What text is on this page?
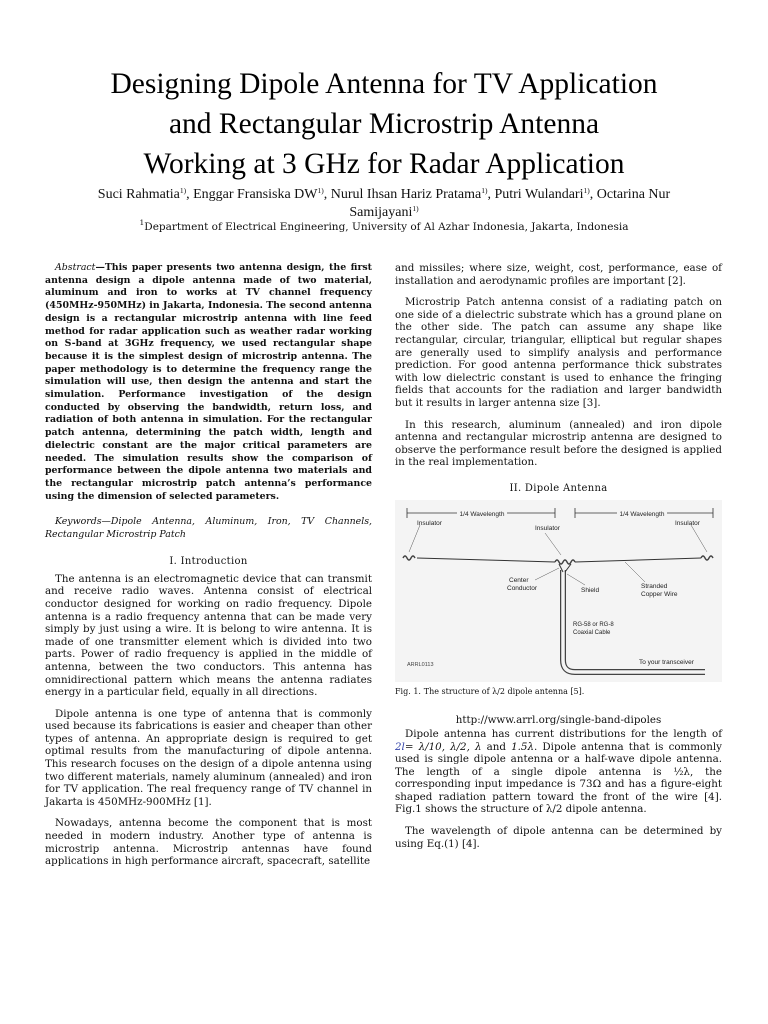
Designing Dipole Antenna for TV Application
and Rectangular Microstrip Antenna
Working at 3 GHz for Radar Application
Suci Rahmatia$^{1)}$, Enggar Fransiska DW$^{1)}$, Nurul Ihsan Hariz Pratama$^{1)}$, Putri Wulandari$^{1)}$, Octarina Nur
Samijayani$^{1)}$
$^1$Department of Electrical Engineering, University of Al Azhar Indonesia, Jakarta, Indonesia

Abstract—This paper presents two antenna design, the first antenna design a dipole antenna made of two material, aluminum and iron to works at TV channel frequency (450MHz-950MHz) in Jakarta, Indonesia. The second antenna design is a rectangular microstrip antenna with line feed method for radar application such as weather radar working on S-band at 3GHz frequency, we used rectangular shape because it is the simplest design of microstrip antenna. The paper methodology is to determine the frequency range the simulation will use, then design the antenna and start the simulation. Performance investigation of the design conducted by observing the bandwidth, return loss, and radiation of both antenna in simulation. For the rectangular patch antenna, determining the patch width, length and dielectric constant are the major critical parameters are needed. The simulation results show the comparison of performance between the dipole antenna two materials and the rectangular microstrip patch antenna’s performance using the dimension of selected parameters.

Keywords—Dipole Antenna, Aluminum, Iron, TV Channels, Rectangular Microstrip Patch

I. Introduction

The antenna is an electromagnetic device that can transmit and receive radio waves. Antenna consist of electrical conductor designed for working on radio frequency. Dipole antenna is a radio frequency antenna that can be made very simply by just using a wire. It is belong to wire antenna. It is made of one transmitter element which is divided into two parts. Power of radio frequency is applied in the middle of antenna, between the two conductors. This antenna has omnidirectional pattern which means the antenna radiates energy in a particular field, equally in all directions.

Dipole antenna is one type of antenna that is commonly used because its fabrications is easier and cheaper than other types of antenna. An appropriate design is required to get optimal results from the manufacturing of dipole antenna. This research focuses on the design of a dipole antenna using two different materials, namely aluminum (annealed) and iron for TV application. The real frequency range of TV channel in Jakarta is 450MHz-900MHz [1].

Nowadays, antenna become the component that is most needed in modern industry. Another type of antenna is microstrip antenna. Microstrip antennas have found applications in high performance aircraft, spacecraft, satellite

and missiles; where size, weight, cost, performance, ease of installation and aerodynamic profiles are important [2].

Microstrip Patch antenna consist of a radiating patch on one side of a dielectric substrate which has a ground plane on the other side. The patch can assume any shape like rectangular, circular, triangular, elliptical but regular shapes are generally used to simplify analysis and performance prediction. For good antenna performance thick substrates with low dielectric constant is used to enhance the fringing fields that accounts for the radiation and larger bandwidth but it results in larger antenna size [3].

In this research, aluminum (annealed) and iron dipole antenna and rectangular microstrip antenna are designed to observe the performance result before the designed is applied in the real implementation.

II. Dipole Antenna
1/4 Wavelength	1/4 Wavelength
Insulator
Insulator
Insulator
Center Conductor	Shield
Stranded Copper Wire
RG-58 or RG-8 Coaxial Cable
ARRL0113	To your transceiver

Fig. 1. The structure of λ/2 dipole antenna [5].

http://www.arrl.org/single-band-dipoles

Dipole antenna has current distributions for the length of 2l= λ/10, λ/2, λ and 1.5λ. Dipole antenna that is commonly used is single dipole antenna or a half-wave dipole antenna. The length of a single dipole antenna is ½λ, the corresponding input impedance is 73Ω and has a figure-eight shaped radiation pattern toward the front of the wire [4]. Fig.1 shows the structure of λ/2 dipole antenna.

The wavelength of dipole antenna can be determined by using Eq.(1) [4].
